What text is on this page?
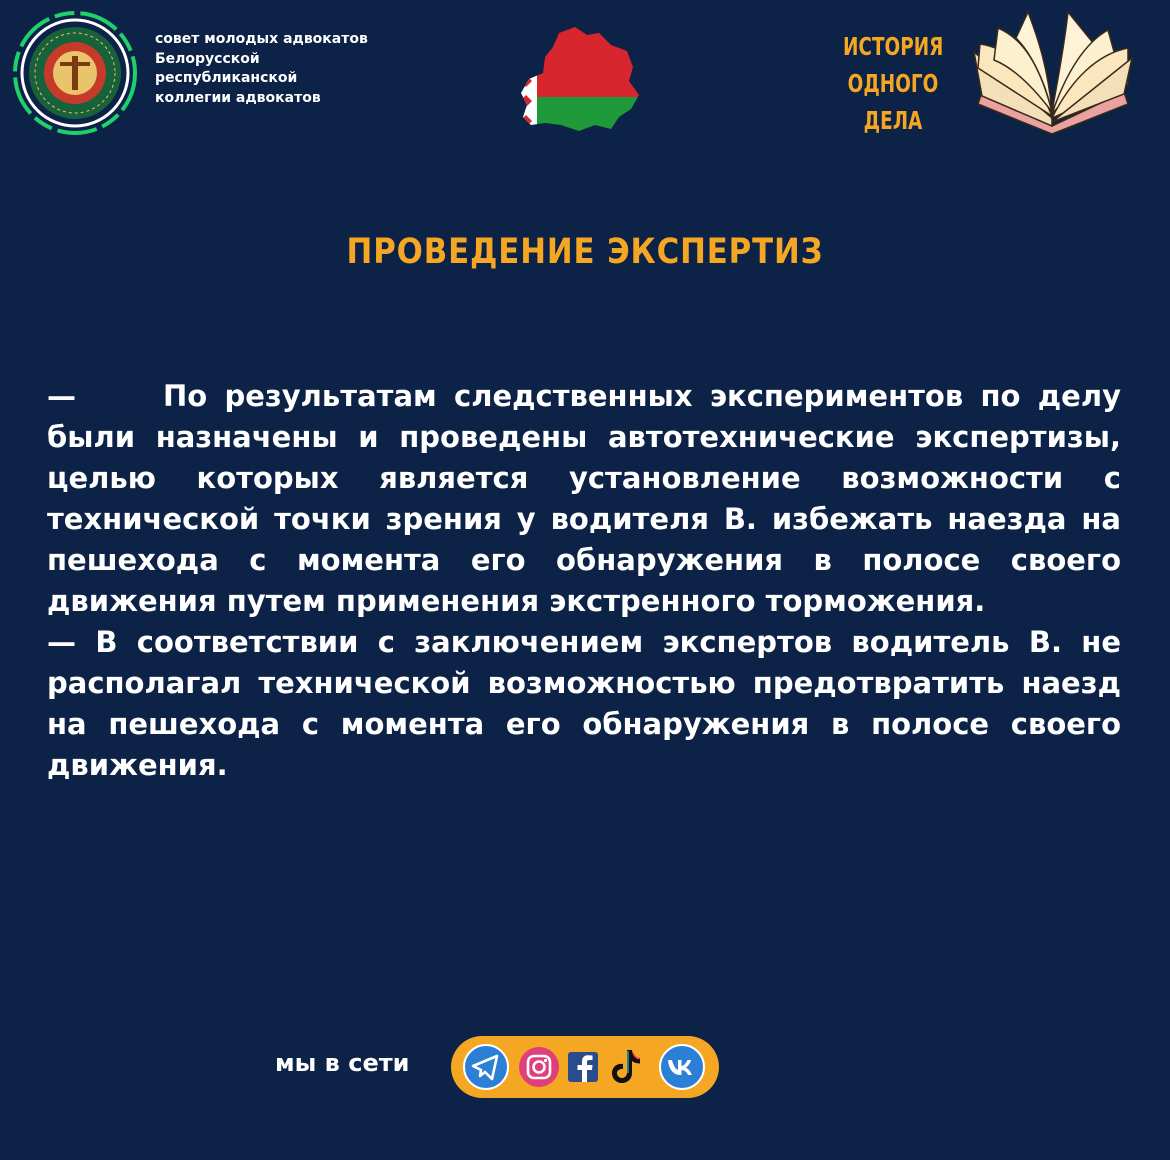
совет молодых адвокатов
Белорусской
республиканской
коллегии адвокатов
ИСТОРИЯ
ОДНОГО
ДЕЛА
ПРОВЕДЕНИЕ ЭКСПЕРТИЗ

—	По результатам следственных экспериментов по делу были назначены и проведены автотехнические экспертизы, целью которых является установление возможности с технической точки зрения у водителя В. избежать наезда на пешехода с момента его обнаружения в полосе своего движения путем применения экстренного торможения.

— В соответствии с заключением экспертов водитель В. не располагал технической возможностью предотвратить наезд на пешехода с момента его обнаружения в полосе своего движения.

мы в сети
